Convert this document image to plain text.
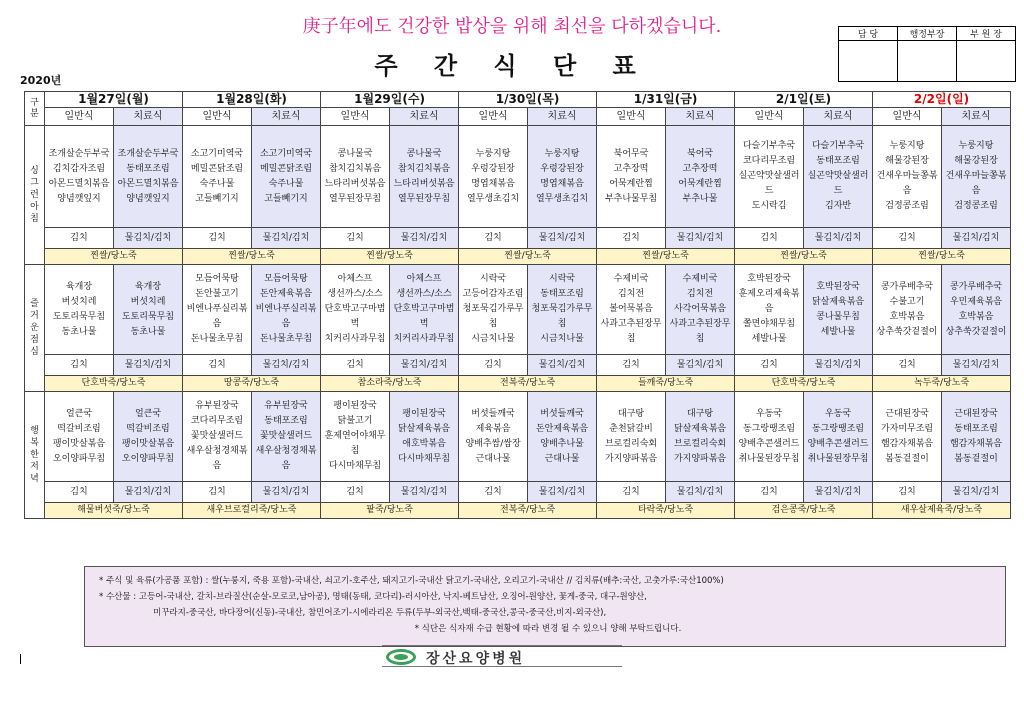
庚子年에도 건강한 밥상을 위해 최선을 다하겠습니다.
주 간 식 단 표
2020년
담 당	행정부장	부 원 장

구 분	1월27일(월)		1월28일(화)		1월29일(수)		1/30일(목)		1/31일(금)		2/1일(토)		2/2일(일)	
	일반식	치료식	일반식	치료식	일반식	치료식	일반식	치료식	일반식	치료식	일반식	치료식	일반식	치료식
싱그런아침	조개살순두부국
김치감자조림
아몬드멸치볶음
양념깻잎지	조개살순두부국
동태포조림
아몬드멸치볶음
양념깻잎지	소고기미역국
메밀콘닭조림
숙주나물
고들빼기지	소고기미역국
메밀콘닭조림
숙주나물
고들빼기지	콩나물국
참치김치볶음
느타리버섯볶음
열무된장무침	콩나물국
참치김치볶음
느타리버섯볶음
열무된장무침	누룽지탕
우렁강된장
명엽채볶음
열무생초김치	누룽지탕
우렁강된장
명엽채볶음
열무생초김치	북어무국
고추장떡
어묵계란찜
부추나물무침	북어국
고추장떡
어묵계란찜
부추나물	다슬기부추국
코다리무조림
실곤약맛살샐러드
도시락김	다슬기부추국
동태포조림
실곤약맛살샐러드
김자반	누룽지탕
해물강된장
건새우마늘쫑볶음
검정콩조림	누룽지탕
해물강된장
건새우마늘쫑볶음
검정콩조림
	김치	물김치/김치	김치	물김치/김치	김치	물김치/김치	김치	물김치/김치	김치	물김치/김치	김치	물김치/김치	김치	물김치/김치
	찐쌀/당노죽		찐쌀/당노죽		찐쌀/당노죽		찐쌀/당노죽		찐쌀/당노죽		찐쌀/당노죽		찐쌀/당노죽	
즐거운점심	육개장
버섯치레
도토리묵무침
동초나물	육개장
버섯치레
도토리묵무침
동초나물	모듬어묵탕
돈안불고기
비엔나푸실리볶음
돈나물초무침	모듬어묵탕
돈안제육볶음
비엔나푸실리볶음
돈나물초무침	아체스프
생선까스/소스
단호박고구마범벅
치커리사과무침	아체스프
생선까스/소스
단호박고구마범벅
치커리사과무침	시락국
고등어감자조림
청포묵김가루무침
시금치나물	시락국
동태포조림
청포묵김가루무침
시금치나물	수제비국
김치전
볼어묵볶음
사과고추된장무침	수제비국
김치전
사각어묵볶음
사과고추된장무침	호박된장국
훈제오리제육볶음
쫄면야채무침
세발나물	호박된장국
닭살제육볶음
콩나물무침
세발나물	콩가루배추국
수불고기
호박볶음
상추쑥갓겉절이	콩가루배추국
우민제육볶음
호박볶음
상추쑥갓겉절이
	김치	물김치/김치	김치	물김치/김치	김치	물김치/김치	김치	물김치/김치	김치	물김치/김치	김치	물김치/김치	김치	물김치/김치
	단호박죽/당노죽		땅콩죽/당노죽		참소라죽/당노죽		전복죽/당노죽		들깨죽/당노죽		단호박죽/당노죽		녹두죽/당노죽	
행복한저녁	얼큰국
떡갈비조림
팽이맛살볶음
오이양파무침	얼큰국
떡갈비조림
팽이맛살볶음
오이양파무침	유부된장국
코다리무조림
꽃맛살샐러드
새우살청경채볶음	유부된장국
동태포조림
꽃맛살샐러드
새우살청경채볶음	팽이된장국
닭불고기
훈제연어야채무침
다시마채무침	팽이된장국
닭살제육볶음
애호박볶음
다시마채무침	버섯들깨국
제육볶음
양배추쌈/쌈장
근대나물	버섯들깨국
돈안제육볶음
양배추나물
근대나물	대구탕
춘천닭갈비
브로컬리숙회
가지양파볶음	대구탕
닭살제육볶음
브로컬리숙회
가지양파볶음	우동국
동그랑땡조림
양배추콘샐러드
취나물된장무침	우동국
동그랑땡조림
양배추콘샐러드
취나물된장무침	근대된장국
가자미무조림
햄감자채볶음
봄동겉절이	근대된장국
동태포조림
햄감자채볶음
봄동겉절이
	김치	물김치/김치	김치	물김치/김치	김치	물김치/김치	김치	물김치/김치	김치	물김치/김치	김치	물김치/김치	김치	물김치/김치
	해물버섯죽/당노죽		새우브로컬리죽/당노죽		팥죽/당노죽		전복죽/당노죽		타락죽/당노죽		검은콩죽/당노죽		새우살제육죽/당노죽	

* 주식 및 육류(가공품 포함) : 쌀(누룽지, 죽용 포함)-국내산, 쇠고기-호주산, 돼지고기-국내산 닭고기-국내산, 오리고기-국내산 // 김치류(배추:국산, 고춧가루:국산100%)

* 수산물 : 고등어-국내산, 갈치-브라질산(순살-모로코,남아공), 명태(동태, 코다리)-러시아산, 낙지-베트남산, 오징어-원양산, 꽃게-중국, 대구-원양산,

미꾸라지-중국산, 바다장어(신동)-국내산, 참민어조기-시에라리온 두류(두부-외국산,백태-중국산,콩국-중국산,비지-외국산),

* 식단은 식자재 수급 현황에 따라 변경 될 수 있으니 양해 부탁드립니다.

장산요양병원
